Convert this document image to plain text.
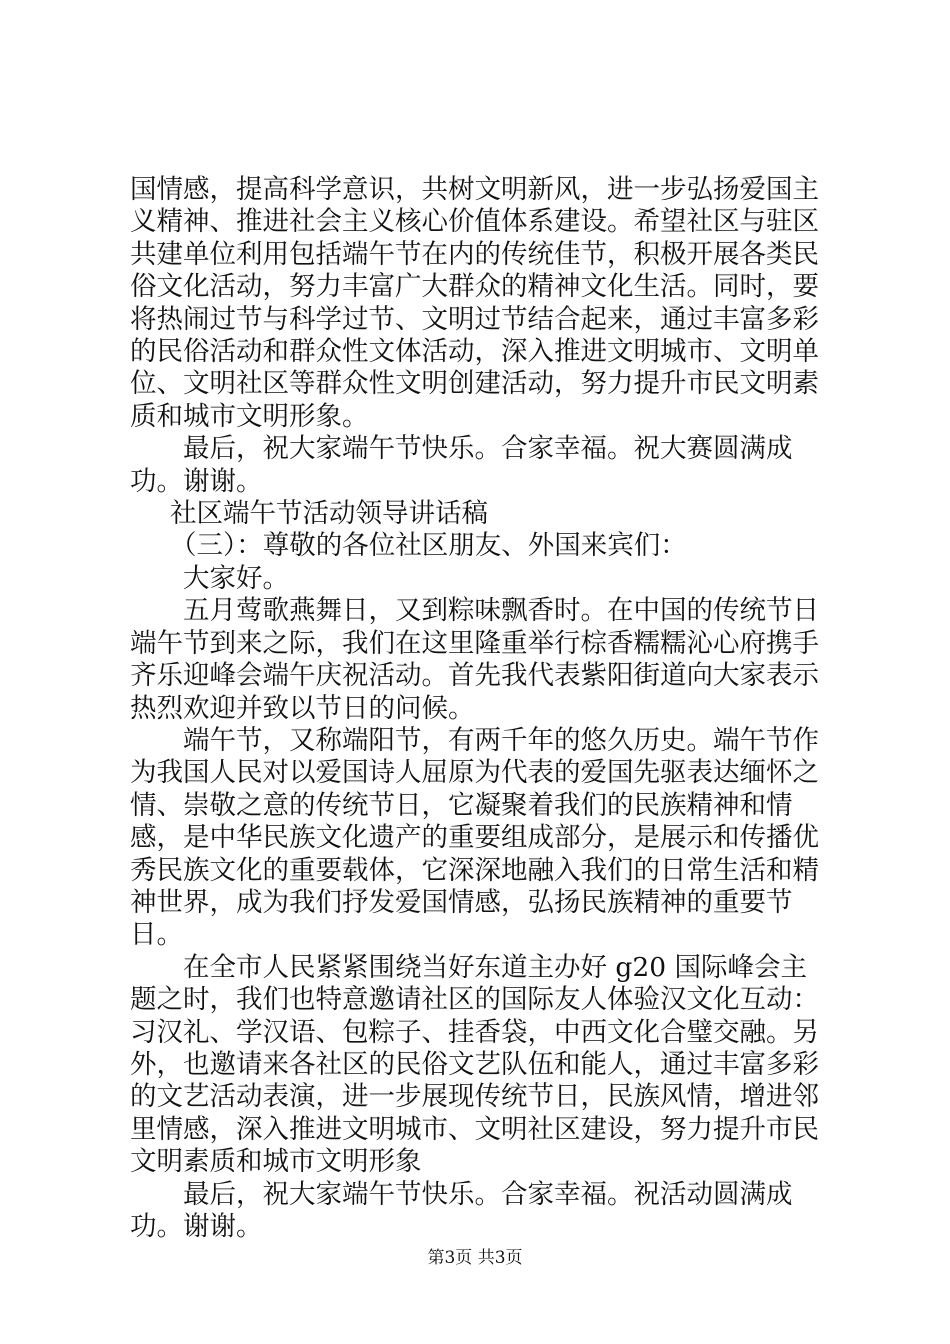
国情感，提高科学意识，共树文明新风，进一步弘扬爱国主义精神、推进社会主义核心价值体系建设。希望社区与驻区共建单位利用包括端午节在内的传统佳节，积极开展各类民俗文化活动，努力丰富广大群众的精神文化生活。同时，要将热闹过节与科学过节、文明过节结合起来，通过丰富多彩的民俗活动和群众性文体活动，深入推进文明城市、文明单位、文明社区等群众性文明创建活动，努力提升市民文明素质和城市文明形象。

最后，祝大家端午节快乐。合家幸福。祝大赛圆满成功。谢谢。

社区端午节活动领导讲话稿

（三）：尊敬的各位社区朋友、外国来宾们：

大家好。

五月莺歌燕舞日，又到粽味飘香时。在中国的传统节日端午节到来之际，我们在这里隆重举行棕香糯糯沁心府携手齐乐迎峰会端午庆祝活动。首先我代表紫阳街道向大家表示热烈欢迎并致以节日的问候。

端午节，又称端阳节，有两千年的悠久历史。端午节作为我国人民对以爱国诗人屈原为代表的爱国先驱表达缅怀之情、崇敬之意的传统节日，它凝聚着我们的民族精神和情感，是中华民族文化遗产的重要组成部分，是展示和传播优秀民族文化的重要载体，它深深地融入我们的日常生活和精神世界，成为我们抒发爱国情感，弘扬民族精神的重要节日。

在全市人民紧紧围绕当好东道主办好 g20 国际峰会主题之时，我们也特意邀请社区的国际友人体验汉文化互动：习汉礼、学汉语、包粽子、挂香袋，中西文化合璧交融。另外，也邀请来各社区的民俗文艺队伍和能人，通过丰富多彩的文艺活动表演，进一步展现传统节日，民族风情，增进邻里情感，深入推进文明城市、文明社区建设，努力提升市民文明素质和城市文明形象

最后，祝大家端午节快乐。合家幸福。祝活动圆满成功。谢谢。

第3页 共3页
